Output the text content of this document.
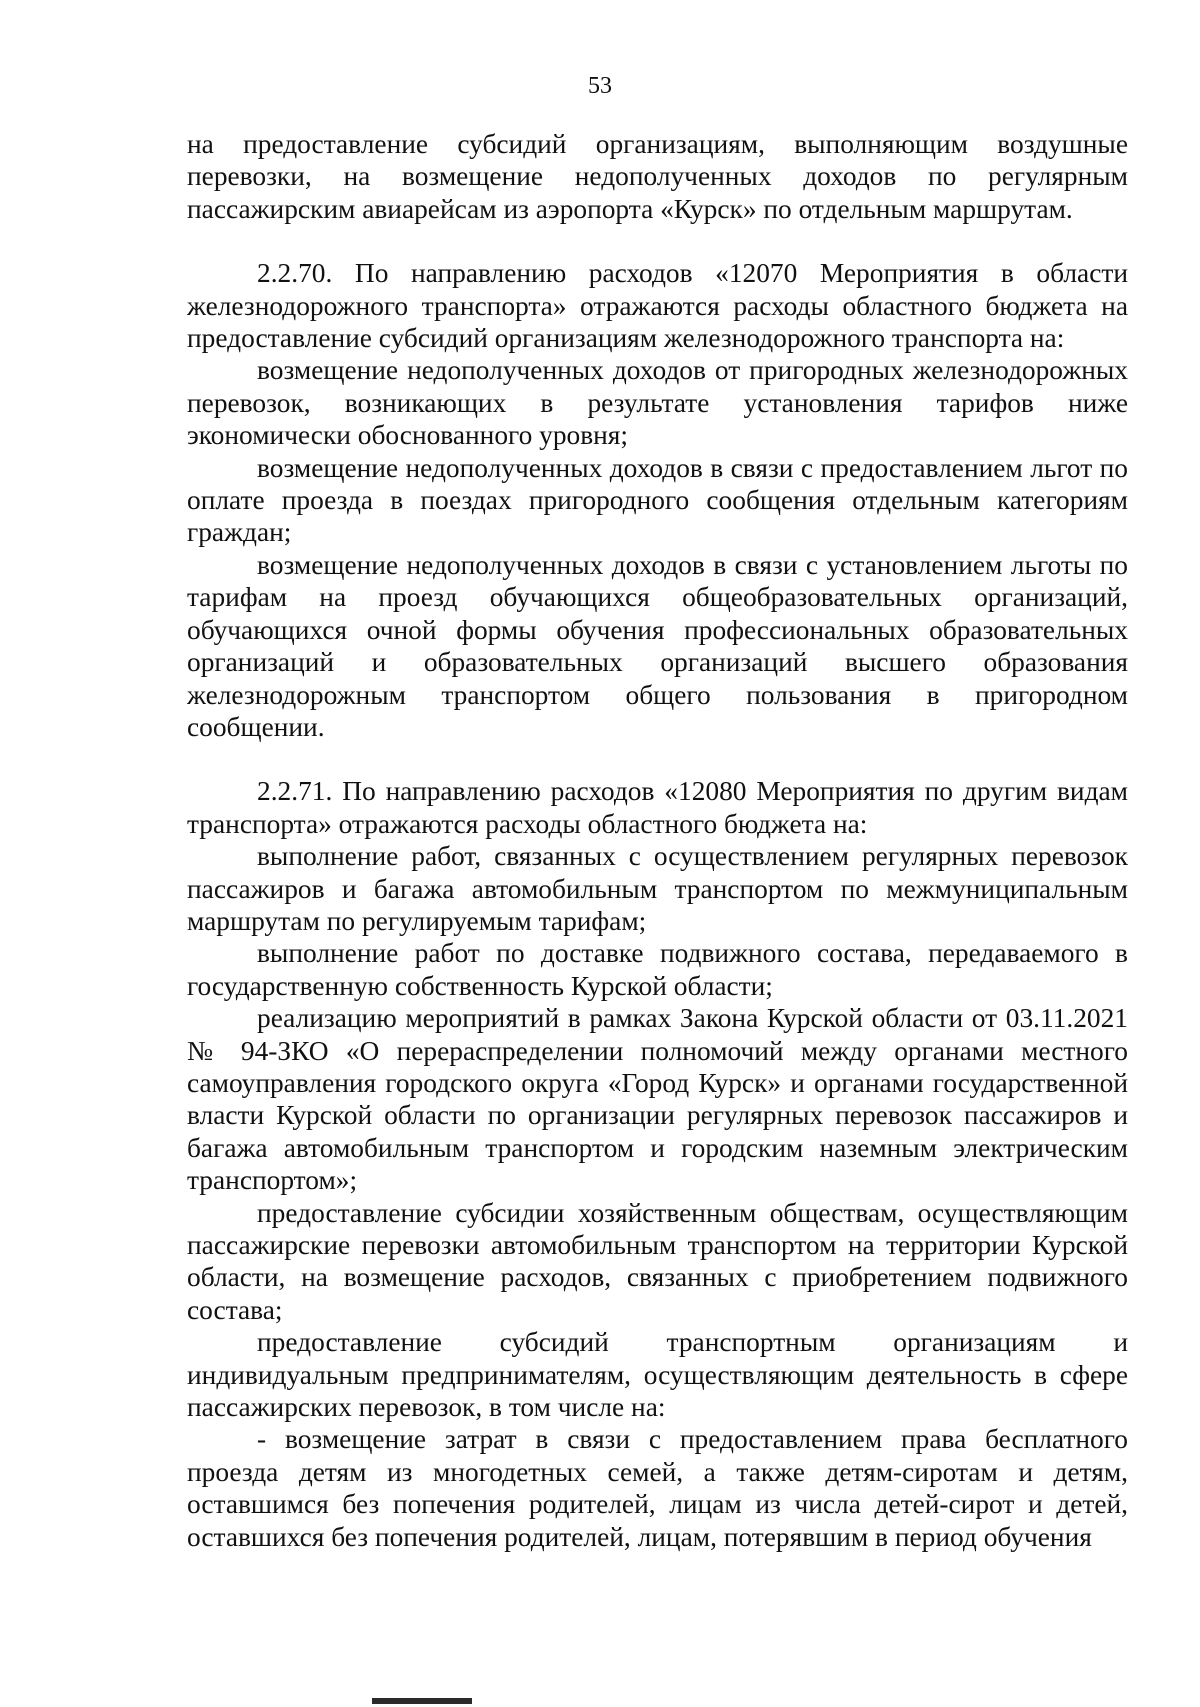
53

на предоставление субсидий организациям, выполняющим воздушные перевозки, на возмещение недополученных доходов по регулярным пассажирским авиарейсам из аэропорта «Курск» по отдельным маршрутам.

2.2.70. По направлению расходов «12070 Мероприятия в области железнодорожного транспорта» отражаются расходы областного бюджета на предоставление субсидий организациям железнодорожного транспорта на:

возмещение недополученных доходов от пригородных железнодорожных перевозок, возникающих в результате установления тарифов ниже экономически обоснованного уровня;

возмещение недополученных доходов в связи с предоставлением льгот по оплате проезда в поездах пригородного сообщения отдельным категориям граждан;

возмещение недополученных доходов в связи с установлением льготы по тарифам на проезд обучающихся общеобразовательных организаций, обучающихся очной формы обучения профессиональных образовательных организаций и образовательных организаций высшего образования железнодорожным транспортом общего пользования в пригородном сообщении.

2.2.71. По направлению расходов «12080 Мероприятия по другим видам транспорта» отражаются расходы областного бюджета на:

выполнение работ, связанных с осуществлением регулярных перевозок пассажиров и багажа автомобильным транспортом по межмуниципальным маршрутам по регулируемым тарифам;

выполнение работ по доставке подвижного состава, передаваемого в государственную собственность Курской области;

реализацию мероприятий в рамках Закона Курской области от 03.11.2021 № 94-ЗКО «О перераспределении полномочий между органами местного самоуправления городского округа «Город Курск» и органами государственной власти Курской области по организации регулярных перевозок пассажиров и багажа автомобильным транспортом и городским наземным электрическим транспортом»;

предоставление субсидии хозяйственным обществам, осуществляющим пассажирские перевозки автомобильным транспортом на территории Курской области, на возмещение расходов, связанных с приобретением подвижного состава;

предоставление субсидий транспортным организациям и индивидуальным предпринимателям, осуществляющим деятельность в сфере пассажирских перевозок, в том числе на:

- возмещение затрат в связи с предоставлением права бесплатного проезда детям из многодетных семей, а также детям-сиротам и детям, оставшимся без попечения родителей, лицам из числа детей-сирот и детей, оставшихся без попечения родителей, лицам, потерявшим в период обучения
